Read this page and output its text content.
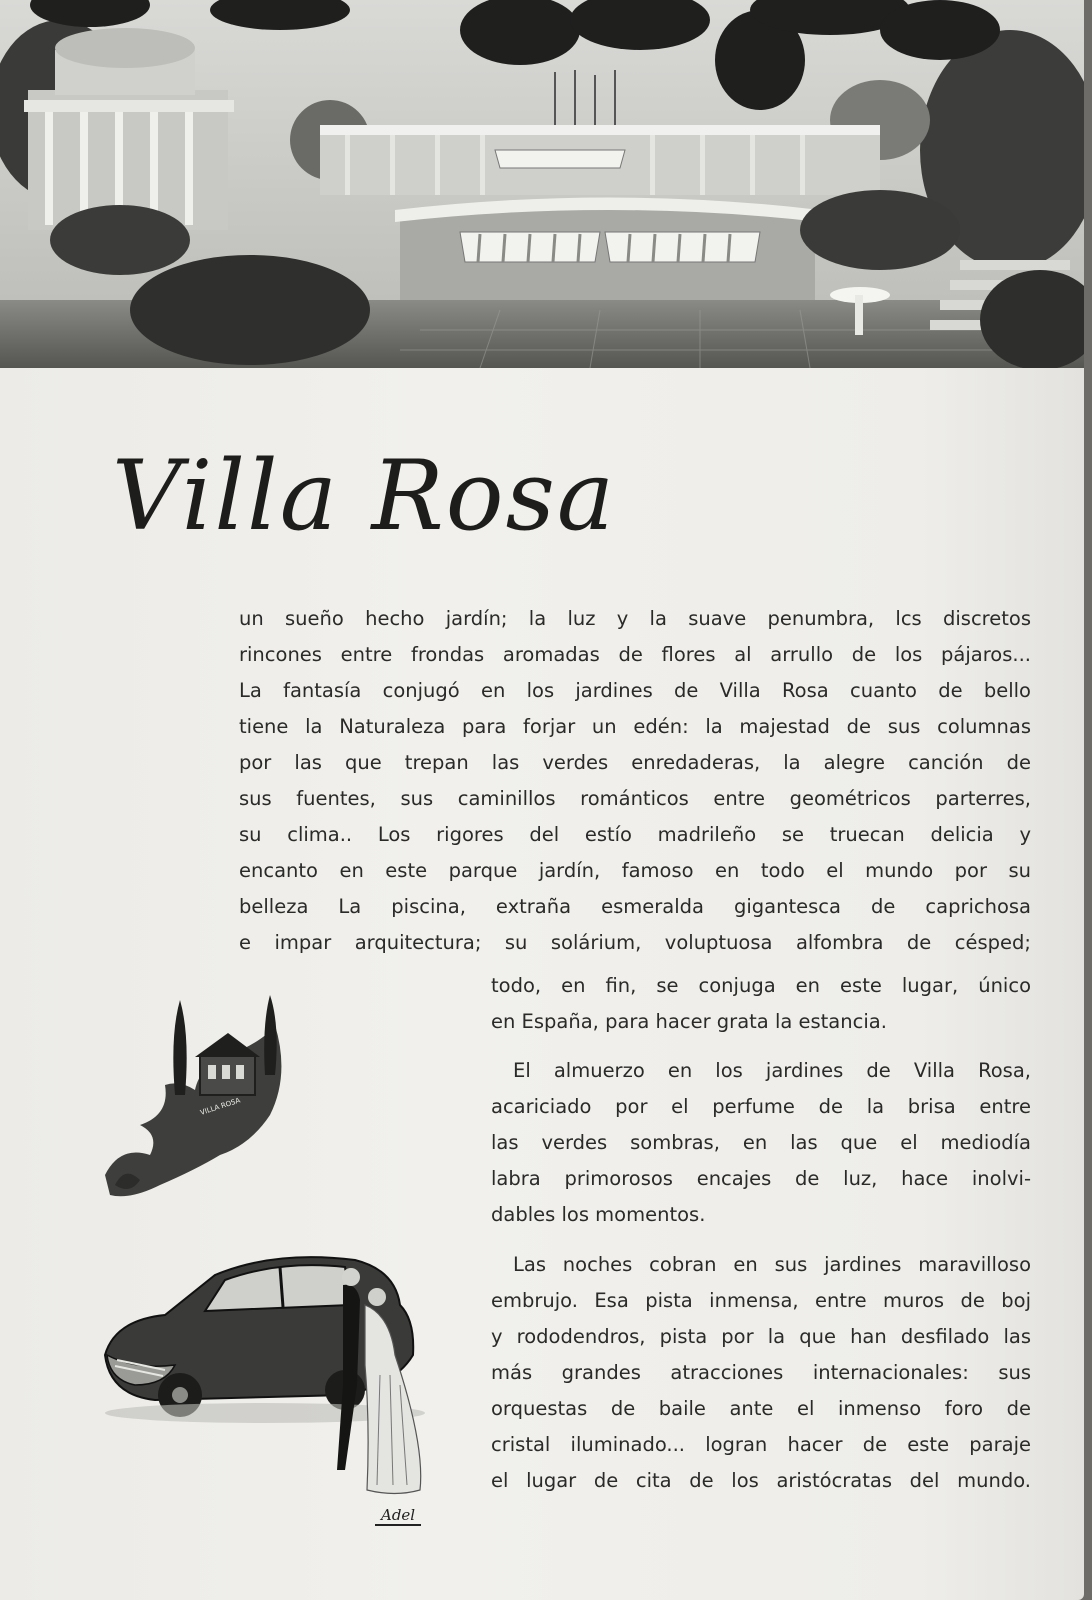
Villa Rosa
un sueño hecho jardín; la luz y la suave penumbra, lcs discretos
rincones entre frondas aromadas de flores al arrullo de los pájaros...
La fantasía conjugó en los jardines de Villa Rosa cuanto de bello
tiene la Naturaleza para forjar un edén: la majestad de sus columnas
por las que trepan las verdes enredaderas, la alegre canción de
sus fuentes, sus caminillos románticos entre geométricos parterres,
su clima.. Los rigores del estío madrileño se truecan delicia y
encanto en este parque jardín, famoso en todo el mundo por su
belleza La piscina, extraña esmeralda gigantesca de caprichosa
e impar arquitectura; su solárium, voluptuosa alfombra de césped;
todo, en fin, se conjuga en este lugar, único
en España, para hacer grata la estancia.
El almuerzo en los jardines de Villa Rosa,
acariciado por el perfume de la brisa entre
las verdes sombras, en las que el mediodía
labra primorosos encajes de luz, hace inolvi-
dables los momentos.
Las noches cobran en sus jardines maravilloso
embrujo. Esa pista inmensa, entre muros de boj
y rododendros, pista por la que han desfilado las
más grandes atracciones internacionales: sus
orquestas de baile ante el inmenso foro de
cristal iluminado... logran hacer de este paraje
el lugar de cita de los aristócratas del mundo.
VILLA ROSA
Adel
